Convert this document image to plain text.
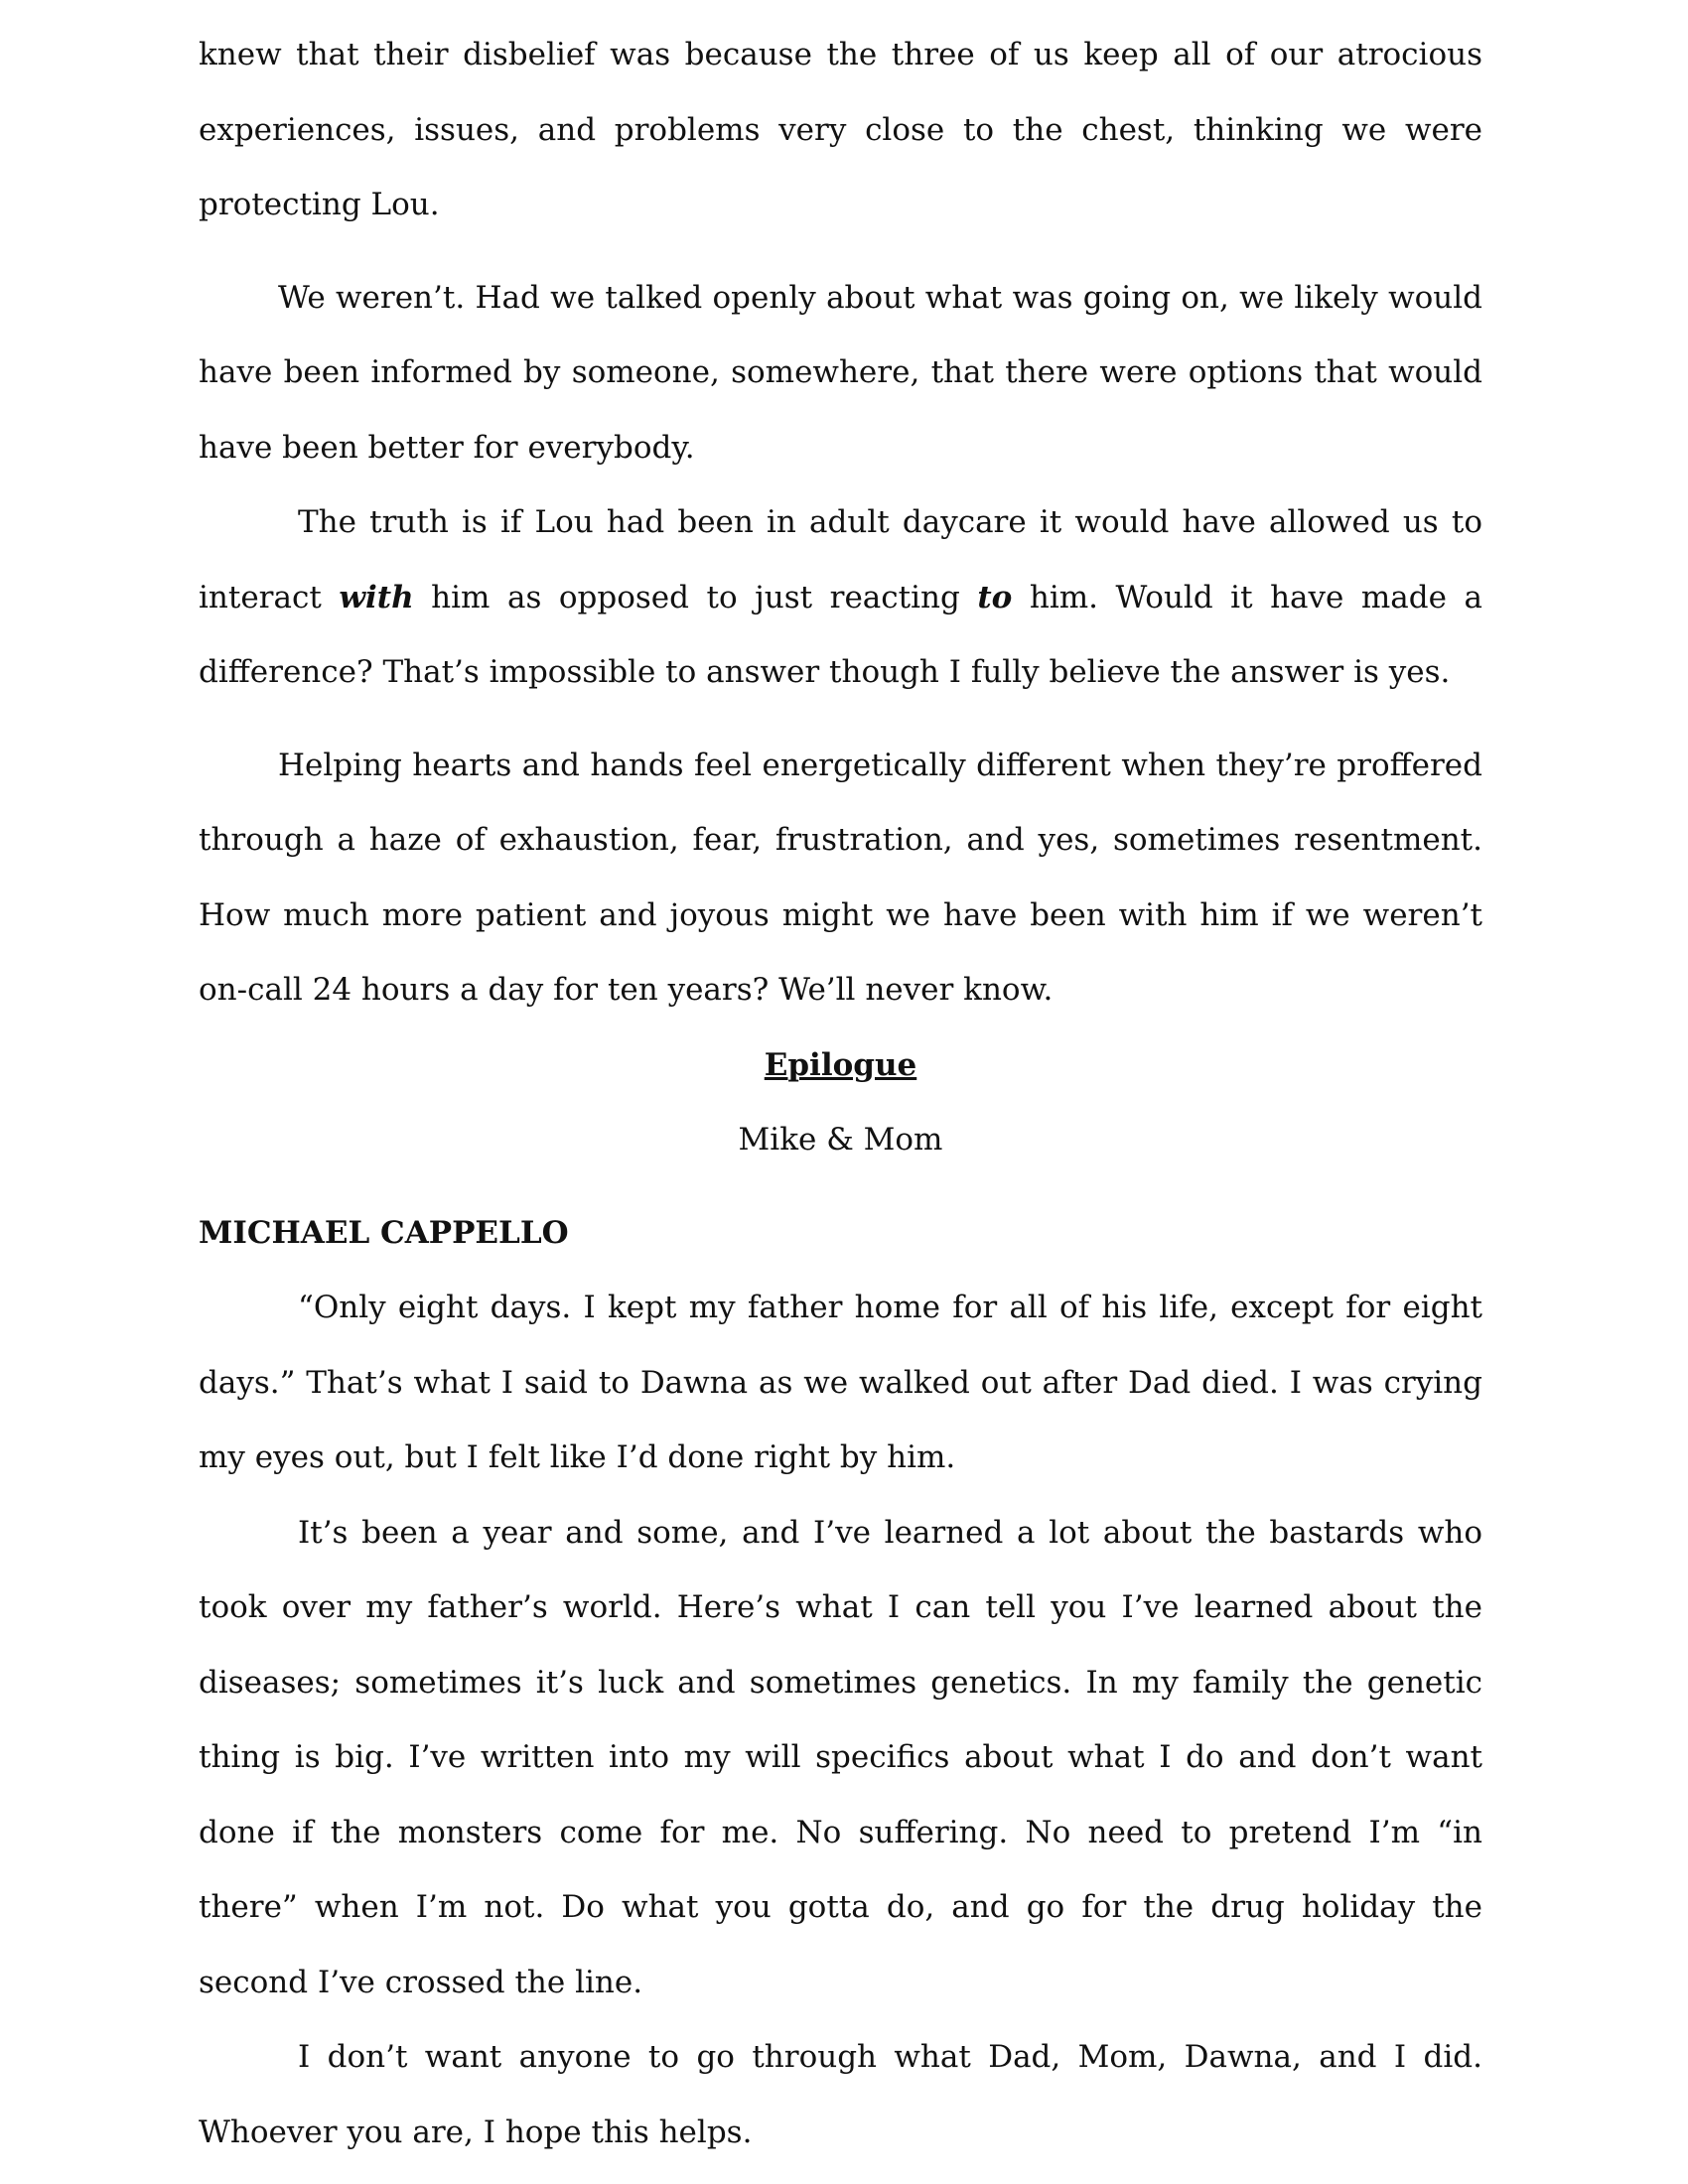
knew that their disbelief was because the three of us keep all of our atrocious experiences, issues, and problems very close to the chest, thinking we were protecting Lou.

We weren’t. Had we talked openly about what was going on, we likely would have been informed by someone, somewhere, that there were options that would have been better for everybody.

The truth is if Lou had been in adult daycare it would have allowed us to interact with him as opposed to just reacting to him. Would it have made a difference? That’s impossible to answer though I fully believe the answer is yes.

Helping hearts and hands feel energetically different when they’re proffered through a haze of exhaustion, fear, frustration, and yes, sometimes resentment. How much more patient and joyous might we have been with him if we weren’t on-call 24 hours a day for ten years? We’ll never know.

Epilogue

Mike & Mom

MICHAEL CAPPELLO

“Only eight days. I kept my father home for all of his life, except for eight days.” That’s what I said to Dawna as we walked out after Dad died. I was crying my eyes out, but I felt like I’d done right by him.

It’s been a year and some, and I’ve learned a lot about the bastards who took over my father’s world. Here’s what I can tell you I’ve learned about the diseases; sometimes it’s luck and sometimes genetics. In my family the genetic thing is big. I’ve written into my will specifics about what I do and don’t want done if the monsters come for me. No suffering. No need to pretend I’m “in there” when I’m not. Do what you gotta do, and go for the drug holiday the second I’ve crossed the line.

I don’t want anyone to go through what Dad, Mom, Dawna, and I did. Whoever you are, I hope this helps.
